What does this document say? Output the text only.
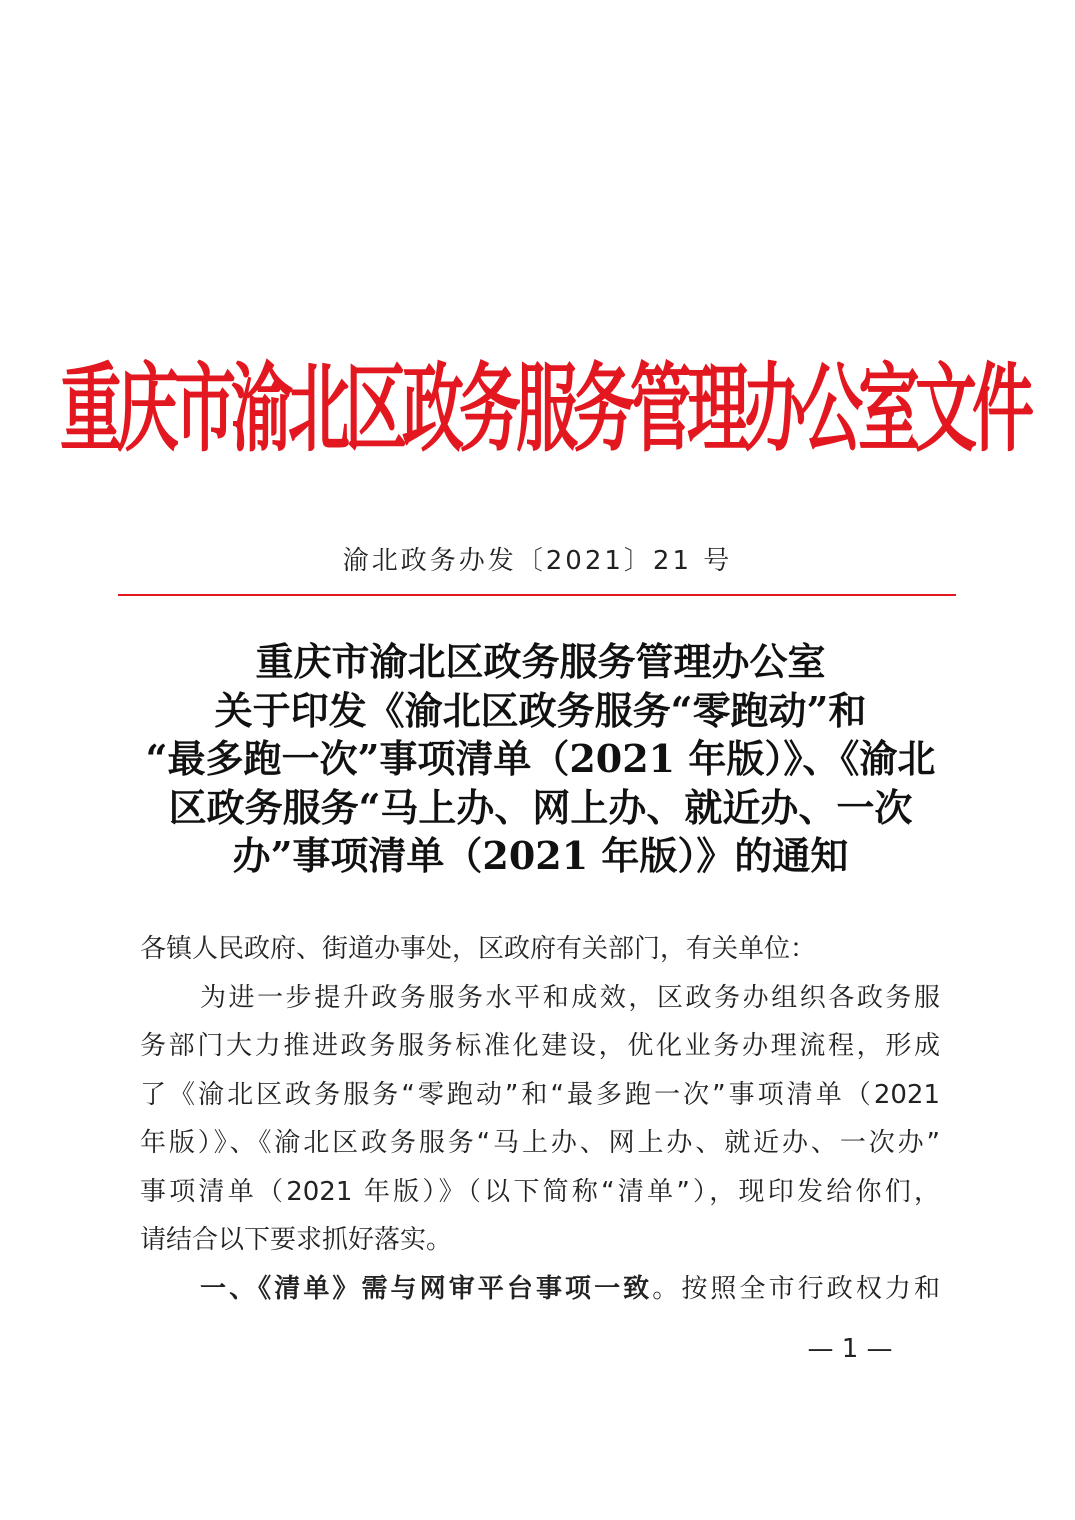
重庆市渝北区政务服务管理办公室文件
渝北政务办发〔2021〕21 号
重庆市渝北区政务服务管理办公室
关于印发《渝北区政务服务“零跑动”和
“最多跑一次”事项清单（2021 年版）》、《渝北
区政务服务“马上办、网上办、就近办、一次
办”事项清单（2021 年版）》的通知
各镇人民政府、街道办事处，区政府有关部门，有关单位：
为进一步提升政务服务水平和成效，区政务办组织各政务服
务部门大力推进政务服务标准化建设，优化业务办理流程，形成
了《渝北区政务服务“零跑动”和“最多跑一次”事项清单（2021
年版）》、《渝北区政务服务“马上办、网上办、就近办、一次办”
事项清单（2021 年版）》（以下简称“清单”），现印发给你们，
请结合以下要求抓好落实。
一、《清单》需与网审平台事项一致。按照全市行政权力和
— 1 —
